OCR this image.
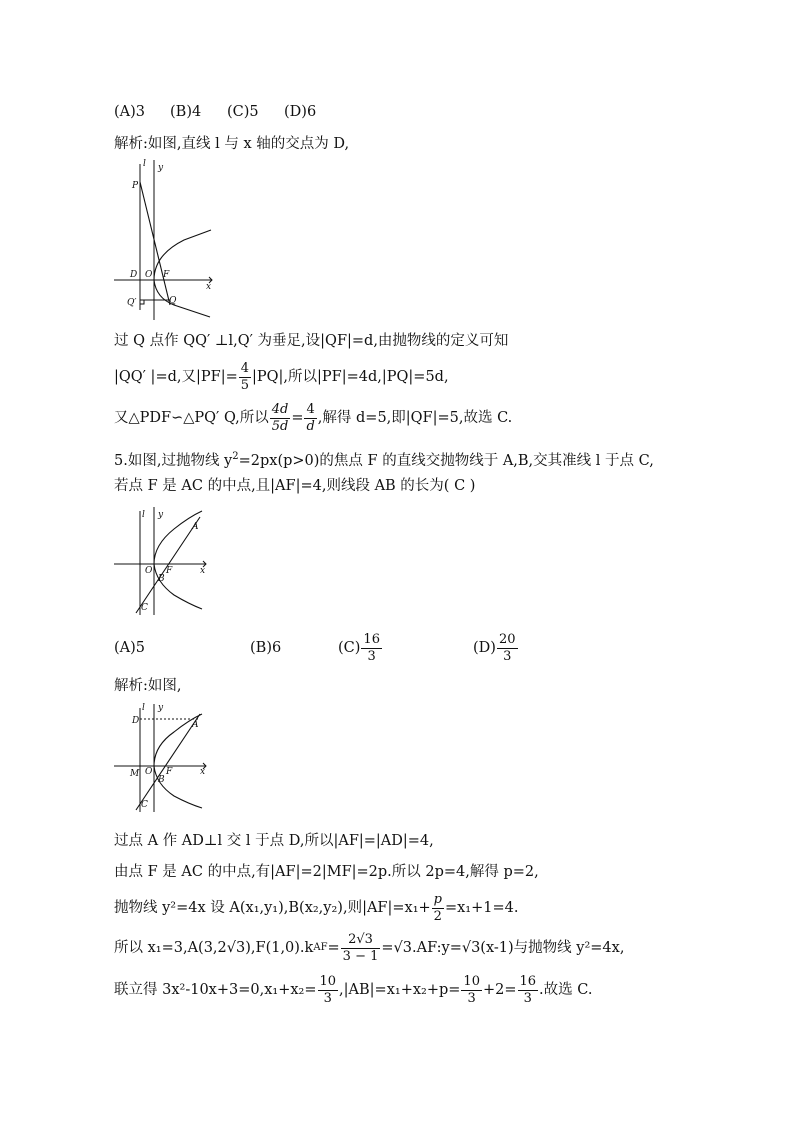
(A)3 (B)4 (C)5 (D)6
解析:如图,直线 l 与 x 轴的交点为 D,
l y
P
D O F
Q′	Q
x
过 Q 点作 QQ′ ⊥l,Q′ 为垂足,设|QF|=d,由抛物线的定义可知
|QQ′ |=d,又$|PF|= \frac{4}{5} |PQ|$,所以|PF|=4d,|PQ|=5d,
又△PDF∽△PQ′ Q,所以 $\frac{4d}{5d} = \frac{4}{d}$ ,解得 d=5,即|QF|=5,故选 C.
5.如图,过抛物线 $y^2=2px(p>0)$的焦点 F 的直线交抛物线于 A,B,交其准线 l 于点 C,
若点 F 是 AC 的中点,且|AF|=4,则线段 AB 的长为( C )
l y
A
O F
B
C
x
(A)5	(B)6	$(C) \frac{16}{3}$	$(D) \frac{20}{3}$
解析:如图,
l y
D	A
M O F
B
C
x
过点 A 作 AD⊥l 交 l 于点 D,所以|AF|=|AD|=4,
由点 F 是 AC 的中点,有|AF|=2|MF|=2p.所以 2p=4,解得 p=2,
抛物线 y²=4x 设 A(x₁,y₁),B(x₂,y₂),则$|AF|=x_1+ \frac{p}{2} =x_1+1=4$.
所以 x₁=3,A(3,2√3),F(1,0).k AF = $\frac{2√3}{3 - 1}$ =√3.AF:y=√3(x-1)与抛物线 y²=4x,
联立得 $3x^2-10x+3=0,x_1+x_2= \frac{10}{3} ,|AB|=x_1+x_2+p= \frac{10}{3} +2= \frac{16}{3}$ .故选 C.
